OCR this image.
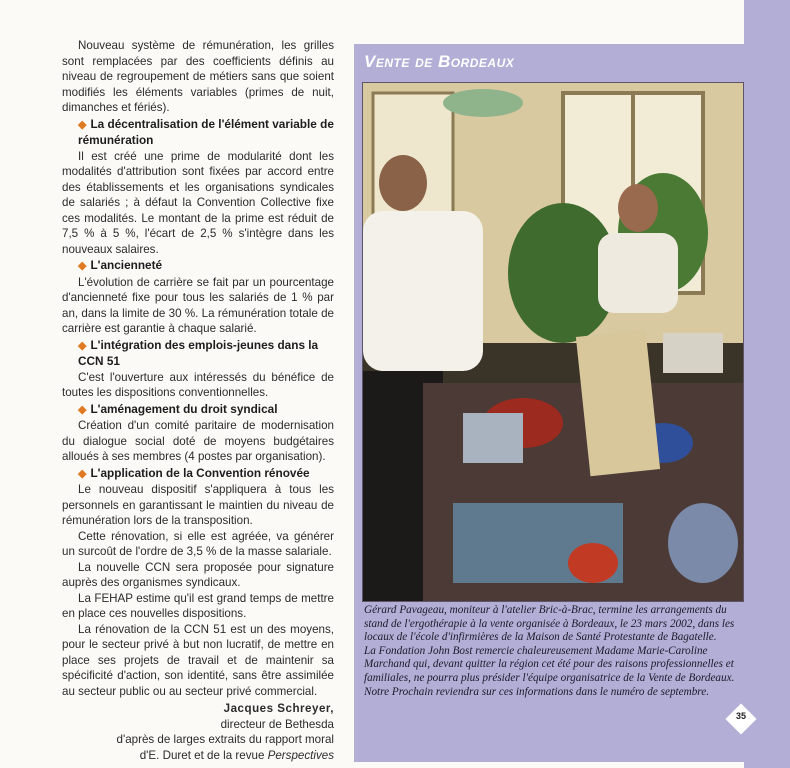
Nouveau système de rémunération, les grilles sont remplacées par des coefficients définis au niveau de regroupement de métiers sans que soient modifiés les éléments variables (primes de nuit, dimanches et fériés).

◆ La décentralisation de l'élément variable de rémunération

Il est créé une prime de modularité dont les modalités d'attribution sont fixées par accord entre des établissements et les organisations syndicales de salariés ; à défaut la Convention Collective fixe ces modalités. Le montant de la prime est réduit de 7,5 % à 5 %, l'écart de 2,5 % s'intègre dans les nouveaux salaires.

◆ L'ancienneté

L'évolution de carrière se fait par un pourcentage d'ancienneté fixe pour tous les salariés de 1 % par an, dans la limite de 30 %. La rémunération totale de carrière est garantie à chaque salarié.

◆ L'intégration des emplois-jeunes dans la CCN 51

C'est l'ouverture aux intéressés du bénéfice de toutes les dispositions conventionnelles.

◆ L'aménagement du droit syndical

Création d'un comité paritaire de modernisation du dialogue social doté de moyens budgétaires alloués à ses membres (4 postes par organisation).

◆ L'application de la Convention rénovée

Le nouveau dispositif s'appliquera à tous les personnels en garantissant le maintien du niveau de rémunération lors de la transposition.

Cette rénovation, si elle est agréée, va générer un surcoût de l'ordre de 3,5 % de la masse salariale.

La nouvelle CCN sera proposée pour signature auprès des organismes syndicaux.

La FEHAP estime qu'il est grand temps de mettre en place ces nouvelles dispositions.

La rénovation de la CCN 51 est un des moyens, pour le secteur privé à but non lucratif, de mettre en place ses projets de travail et de maintenir sa spécificité d'action, son identité, sans être assimilée au secteur public ou au secteur privé commercial.

Jacques Schreyer,
directeur de Bethesda
d'après de larges extraits du rapport moral
d'E. Duret et de la revue Perspectives
Vente de Bordeaux

Gérard Pavageau, moniteur à l'atelier Bric-à-Brac, termine les arrangements du stand de l'ergothérapie à la vente organisée à Bordeaux, le 23 mars 2002, dans les locaux de l'école d'infirmières de la Maison de Santé Protestante de Bagatelle.

La Fondation John Bost remercie chaleureusement Madame Marie-Caroline Marchand qui, devant quitter la région cet été pour des raisons professionnelles et familiales, ne pourra plus présider l'équipe organisatrice de la Vente de Bordeaux. Notre Prochain reviendra sur ces informations dans le numéro de septembre.

35
